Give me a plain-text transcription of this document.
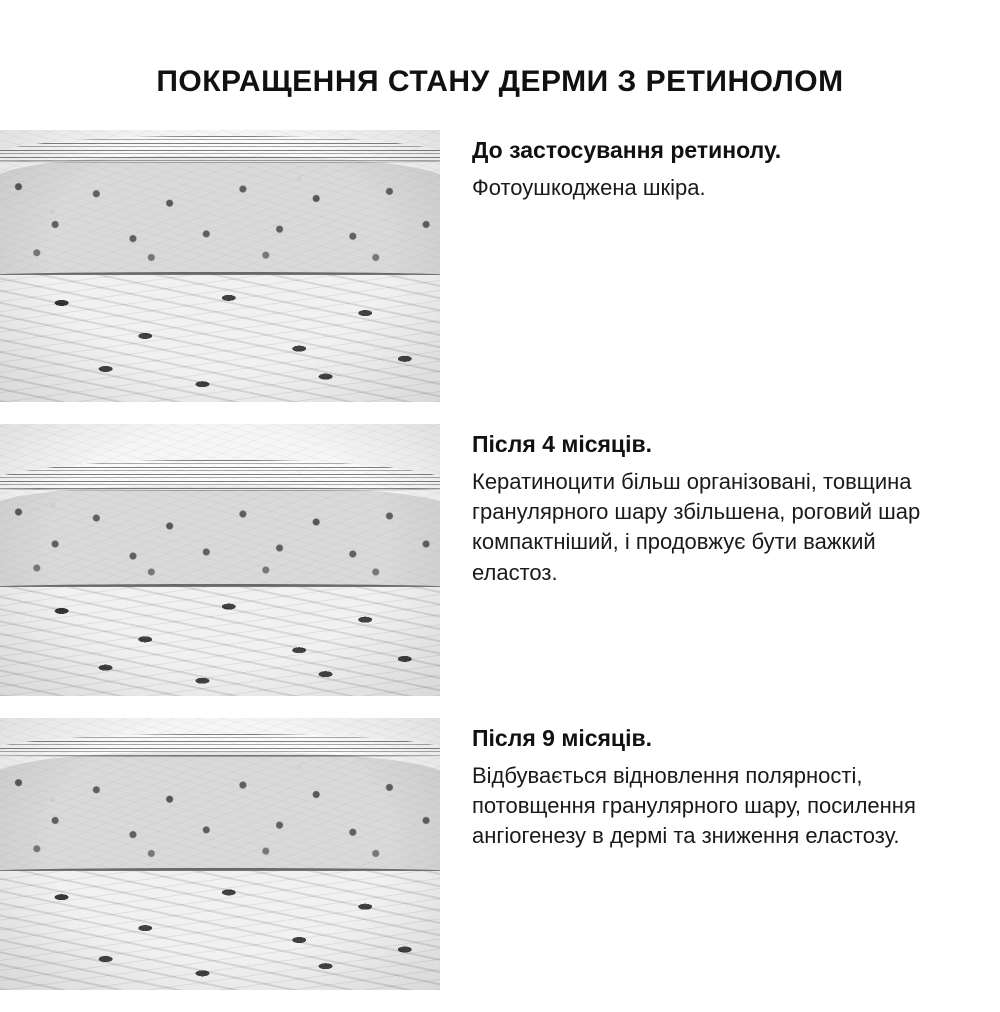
ПОКРАЩЕННЯ СТАНУ ДЕРМИ З РЕТИНОЛОМ

До застосування ретинолу.

Фотоушкоджена шкіра.

Після 4 місяців.

Кератиноцити більш організовані, товщина гранулярного шару збільшена, роговий шар компактніший, і продовжує бути важкий еластоз.

Після 9 місяців.

Відбувається відновлення полярності, потовщення гранулярного шару, посилення ангіогенезу в дермі та зниження еластозу.
